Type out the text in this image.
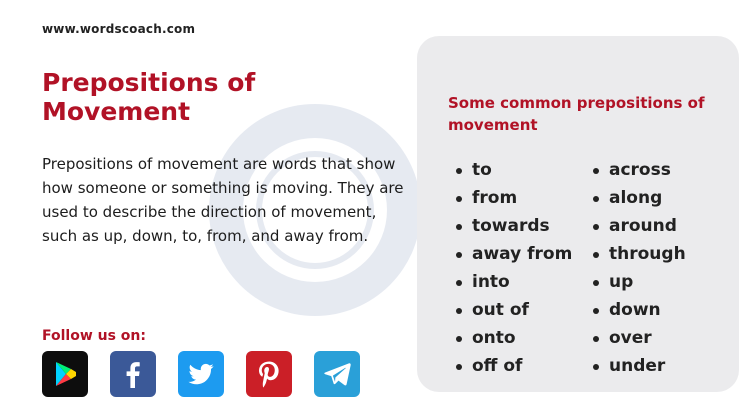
www.wordscoach.com
Prepositions of Movement

Prepositions of movement are words that show how someone or something is moving. They are used to describe the direction of movement, such as up, down, to, from, and away from.

Follow us on:
Some common prepositions of movement
to
from
towards
away from
into
out of
onto
off of
across
along
around
through
up
down
over
under
